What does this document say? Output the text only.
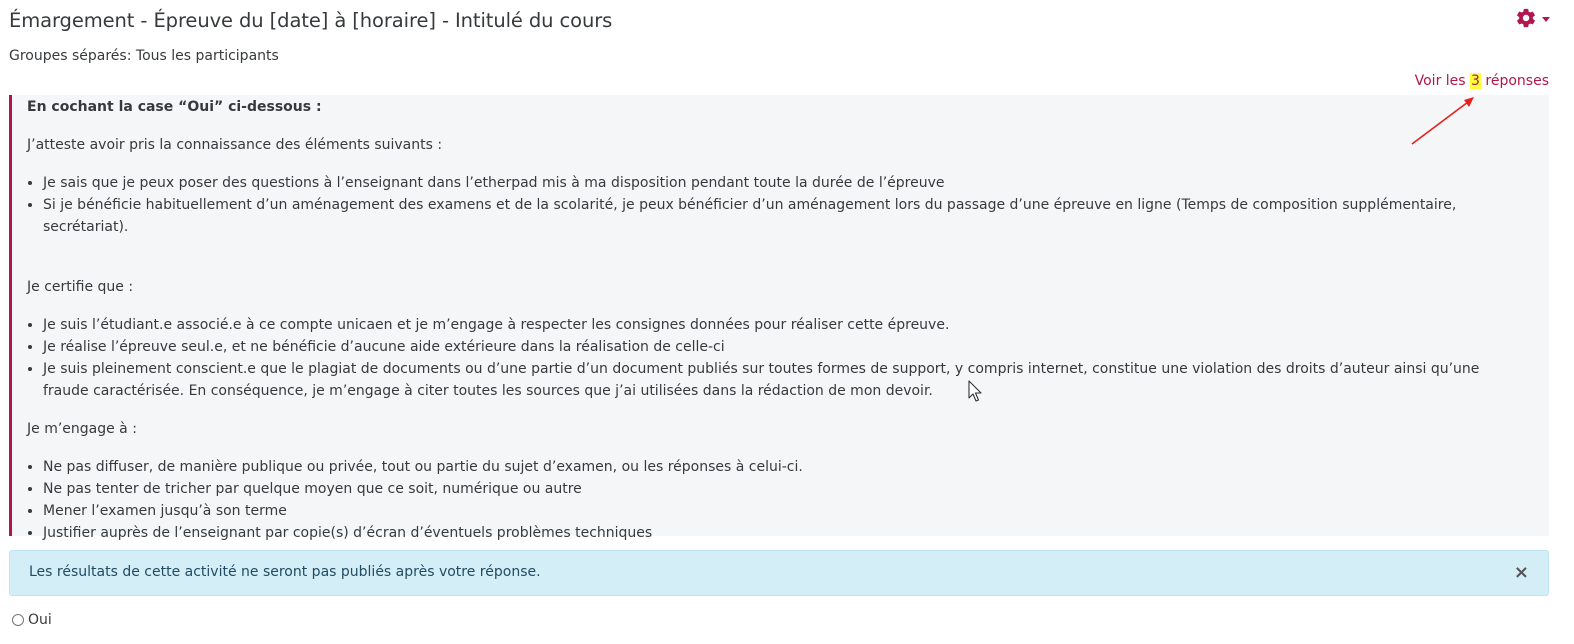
Émargement - Épreuve du [date] à [horaire] - Intitulé du cours
Groupes séparés: Tous les participants
Voir les 3 réponses

En cochant la case “Oui” ci-dessous :

J’atteste avoir pris la connaissance des éléments suivants :

• Je sais que je peux poser des questions à l’enseignant dans l’etherpad mis à ma disposition pendant toute la durée de l’épreuve
• Si je bénéficie habituellement d’un aménagement des examens et de la scolarité, je peux bénéficier d’un aménagement lors du passage d’une épreuve en ligne (Temps de composition supplémentaire, secrétariat).

Je certifie que :

• Je suis l’étudiant.e associé.e à ce compte unicaen et je m’engage à respecter les consignes données pour réaliser cette épreuve.
• Je réalise l’épreuve seul.e, et ne bénéficie d’aucune aide extérieure dans la réalisation de celle-ci
• Je suis pleinement conscient.e que le plagiat de documents ou d’une partie d’un document publiés sur toutes formes de support, y compris internet, constitue une violation des droits d’auteur ainsi qu’une fraude caractérisée. En conséquence, je m’engage à citer toutes les sources que j’ai utilisées dans la rédaction de mon devoir.

Je m’engage à :

• Ne pas diffuser, de manière publique ou privée, tout ou partie du sujet d’examen, ou les réponses à celui-ci.
• Ne pas tenter de tricher par quelque moyen que ce soit, numérique ou autre
• Mener l’examen jusqu’à son terme
• Justifier auprès de l’enseignant par copie(s) d’écran d’éventuels problèmes techniques
Les résultats de cette activité ne seront pas publiés après votre réponse.	×
Oui
